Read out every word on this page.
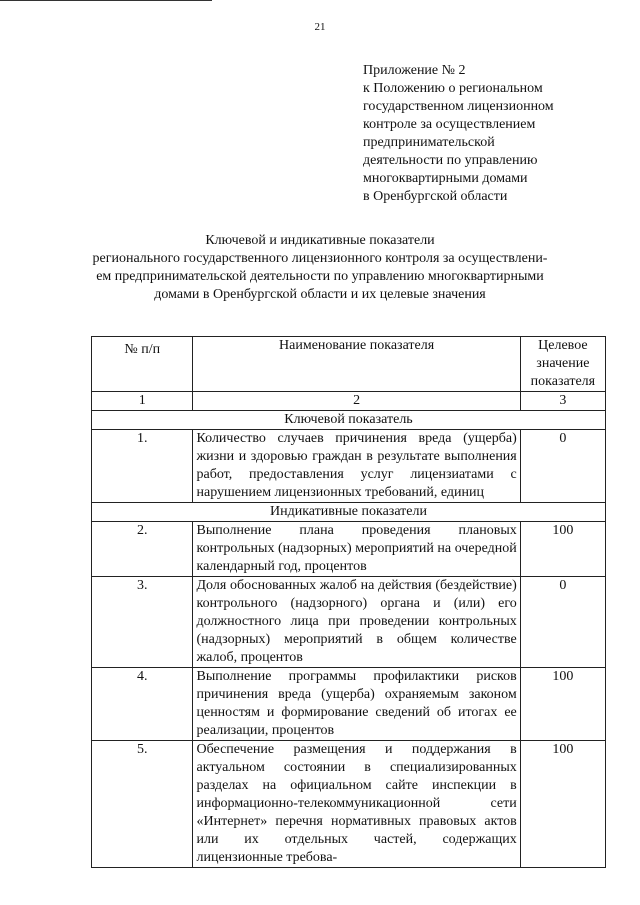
21
Приложение № 2
к Положению о региональном
государственном лицензионном
контроле за осуществлением
предпринимательской
деятельности по управлению
многоквартирными домами
в Оренбургской области
Ключевой и индикативные показатели
регионального государственного лицензионного контроля за осуществлени-
ем предпринимательской деятельности по управлению многоквартирными
домами в Оренбургской области и их целевые значения
№ п/п	Наименование показателя	Целевое значение показателя
1	2	3
Ключевой показатель		
1.	Количество случаев причинения вреда (ущерба) жизни и здоровью граждан в результате выполнения работ, предоставления услуг лицензиатами с нарушением лицензионных требований, единиц	0
Индикативные показатели		
2.	Выполнение плана проведения плановых контрольных (надзорных) мероприятий на очередной календарный год, процентов	100
3.	Доля обоснованных жалоб на действия (бездействие) контрольного (надзорного) органа и (или) его должностного лица при проведении контрольных (надзорных) мероприятий в общем количестве жалоб, процентов	0
4.	Выполнение программы профилактики рисков причинения вреда (ущерба) охраняемым законом ценностям и формирование сведений об итогах ее реализации, процентов	100
5.	Обеспечение размещения и поддержания в актуальном состоянии в специализированных разделах на официальном сайте инспекции в информационно-телекоммуникационной сети «Интернет» перечня нормативных правовых актов или их отдельных частей, содержащих лицензионные требова-	100
